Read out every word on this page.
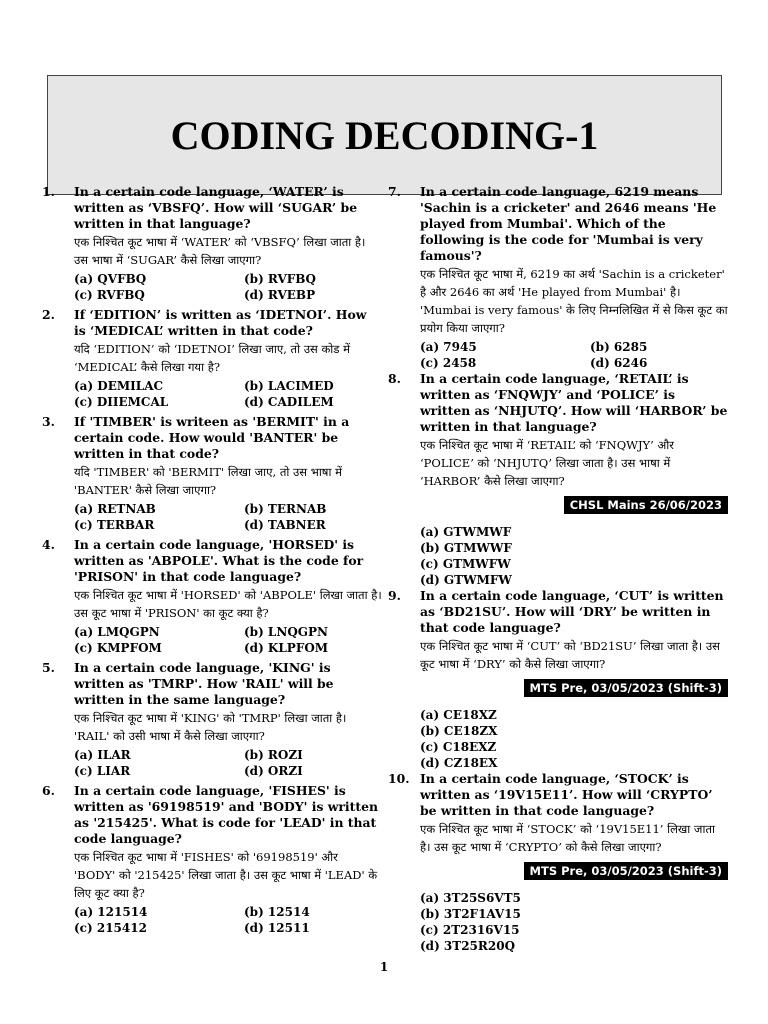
CODING DECODING-1
1.	In a certain code language, ‘WATER’ is written as ‘VBSFQ’. How will ‘SUGAR’ be written in that language?
एक निश्चित कूट भाषा में ‘WATER’ को ‘VBSFQ’ लिखा जाता है। उस भाषा में ‘SUGAR’ कैसे लिखा जाएगा?
(a) QVFBQ	(b) RVFBQ
(c) RVFBQ	(d) RVEBP
2.	If ‘EDITION’ is written as ‘IDETNOI’. How is ‘MEDICAL’ written in that code?
यदि ‘EDITION’ को ‘IDETNOI’ लिखा जाए, तो उस कोड में ‘MEDICAL’ कैसे लिखा गया है?
(a) DEMILAC	(b) LACIMED
(c) DIIEMCAL	(d) CADILEM
3.	If 'TIMBER' is writeen as 'BERMIT' in a certain code. How would 'BANTER' be written in that code?
यदि 'TIMBER' को 'BERMIT' लिखा जाए, तो उस भाषा में 'BANTER' कैसे लिखा जाएगा?
(a) RETNAB	(b) TERNAB
(c) TERBAR	(d) TABNER
4.	In a certain code language, 'HORSED' is written as 'ABPOLE'. What is the code for 'PRISON' in that code language?
एक निश्चित कूट भाषा में 'HORSED' को 'ABPOLE' लिखा जाता है। उस कूट भाषा में 'PRISON' का कूट क्या है?
(a) LMQGPN	(b) LNQGPN
(c) KMPFOM	(d) KLPFOM
5.	In a certain code language, 'KING' is written as 'TMRP'. How 'RAIL' will be written in the same language?
एक निश्चित कूट भाषा में 'KING' को 'TMRP' लिखा जाता है। 'RAIL' को उसी भाषा में कैसे लिखा जाएगा?
(a) ILAR	(b) ROZI
(c) LIAR	(d) ORZI
6.	In a certain code language, 'FISHES' is written as '69198519' and 'BODY' is written as '215425'. What is code for 'LEAD' in that code language?
एक निश्चित कूट भाषा में 'FISHES' को '69198519' और 'BODY' को '215425' लिखा जाता है। उस कूट भाषा में 'LEAD' के लिए कूट क्या है?
(a) 121514	(b) 12514
(c) 215412	(d) 12511
7.	In a certain code language, 6219 means 'Sachin is a cricketer' and 2646 means 'He played from Mumbai'. Which of the following is the code for 'Mumbai is very famous'?
एक निश्चित कूट भाषा में, 6219 का अर्थ 'Sachin is a cricketer' है और 2646 का अर्थ 'He played from Mumbai' है। 'Mumbai is very famous' के लिए निम्नलिखित में से किस कूट का प्रयोग किया जाएगा?
(a) 7945	(b) 6285
(c) 2458	(d) 6246
8.	In a certain code language, ‘RETAIL’ is written as ‘FNQWJY’ and ‘POLICE’ is written as ‘NHJUTQ’. How will ‘HARBOR’ be written in that language?
एक निश्चित कूट भाषा में ‘RETAIL’ को ‘FNQWJY’ और ‘POLICE’ को ‘NHJUTQ’ लिखा जाता है। उस भाषा में ‘HARBOR’ कैसे लिखा जाएगा?
CHSL Mains 26/06/2023
(a) GTWMWF
(b) GTMWWF
(c) GTMWFW
(d) GTWMFW
9.	In a certain code language, ‘CUT’ is written as ‘BD21SU’. How will ‘DRY’ be written in that code language?
एक निश्चित कूट भाषा में ‘CUT’ को ‘BD21SU’ लिखा जाता है। उस कूट भाषा में ‘DRY’ को कैसे लिखा जाएगा?
MTS Pre, 03/05/2023 (Shift-3)
(a) CE18XZ
(b) CE18ZX
(c) C18EXZ
(d) CZ18EX
10. In a certain code language, ‘STOCK’ is written as ‘19V15E11’. How will ‘CRYPTO’ be written in that code language?
एक निश्चित कूट भाषा में ‘STOCK’ को ‘19V15E11’ लिखा जाता है। उस कूट भाषा में ‘CRYPTO’ को कैसे लिखा जाएगा?
MTS Pre, 03/05/2023 (Shift-3)
(a) 3T25S6VT5
(b) 3T2F1AV15
(c) 2T2316V15
(d) 3T25R20Q
1
